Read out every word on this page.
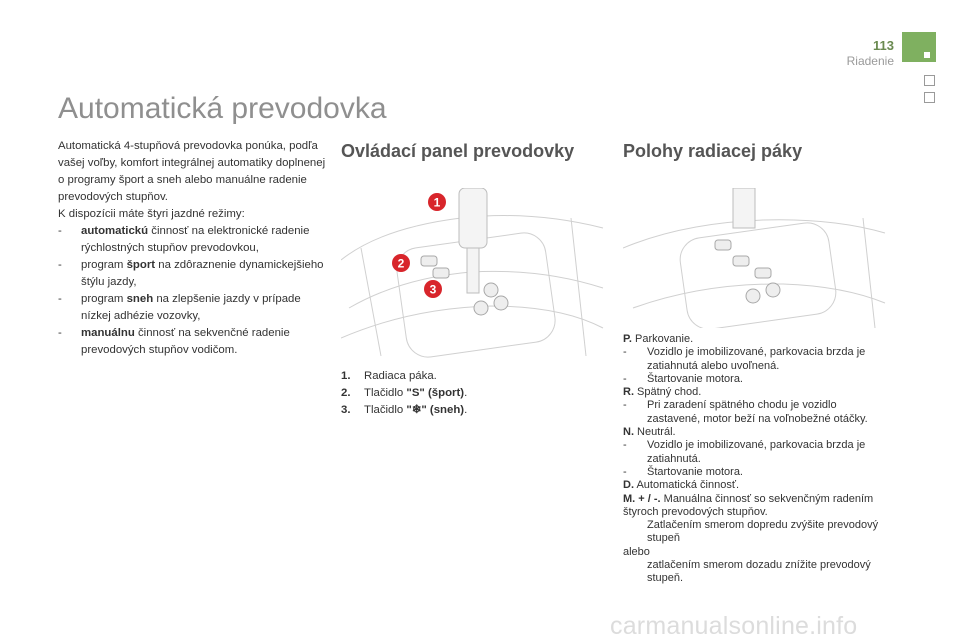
113
Riadenie
Automatická prevodovka

Automatická 4-stupňová prevodovka ponúka, podľa vašej voľby, komfort integrálnej automatiky doplnenej o programy šport a sneh alebo manuálne radenie prevodových stupňov.

K dispozícii máte štyri jazdné režimy:

- automatickú činnosť na elektronické radenie rýchlostných stupňov prevodovkou,

- program šport na zdôraznenie dynamickejšieho štýlu jazdy,

- program sneh na zlepšenie jazdy v prípade nízkej adhézie vozovky,

- manuálnu činnosť na sekvenčné radenie prevodových stupňov vodičom.

Ovládací panel prevodovky	Polohy radiacej páky
1
2
3
1. Radiaca páka.
2. Tlačidlo "S" (šport).
3. Tlačidlo "❄" (sneh).

P. Parkovanie.

- Vozidlo je imobilizované, parkovacia brzda je zatiahnutá alebo uvoľnená.

- Štartovanie motora.

R. Spätný chod.

- Pri zaradení spätného chodu je vozidlo zastavené, motor beží na voľnobežné otáčky.

N. Neutrál.

- Vozidlo je imobilizované, parkovacia brzda je zatiahnutá.

- Štartovanie motora.

D. Automatická činnosť.

M. + / -. Manuálna činnosť so sekvenčným radením štyroch prevodových stupňov.

Zatlačením smerom dopredu zvýšite prevodový stupeň

alebo

zatlačením smerom dozadu znížite prevodový stupeň.

carmanualsonline.info
